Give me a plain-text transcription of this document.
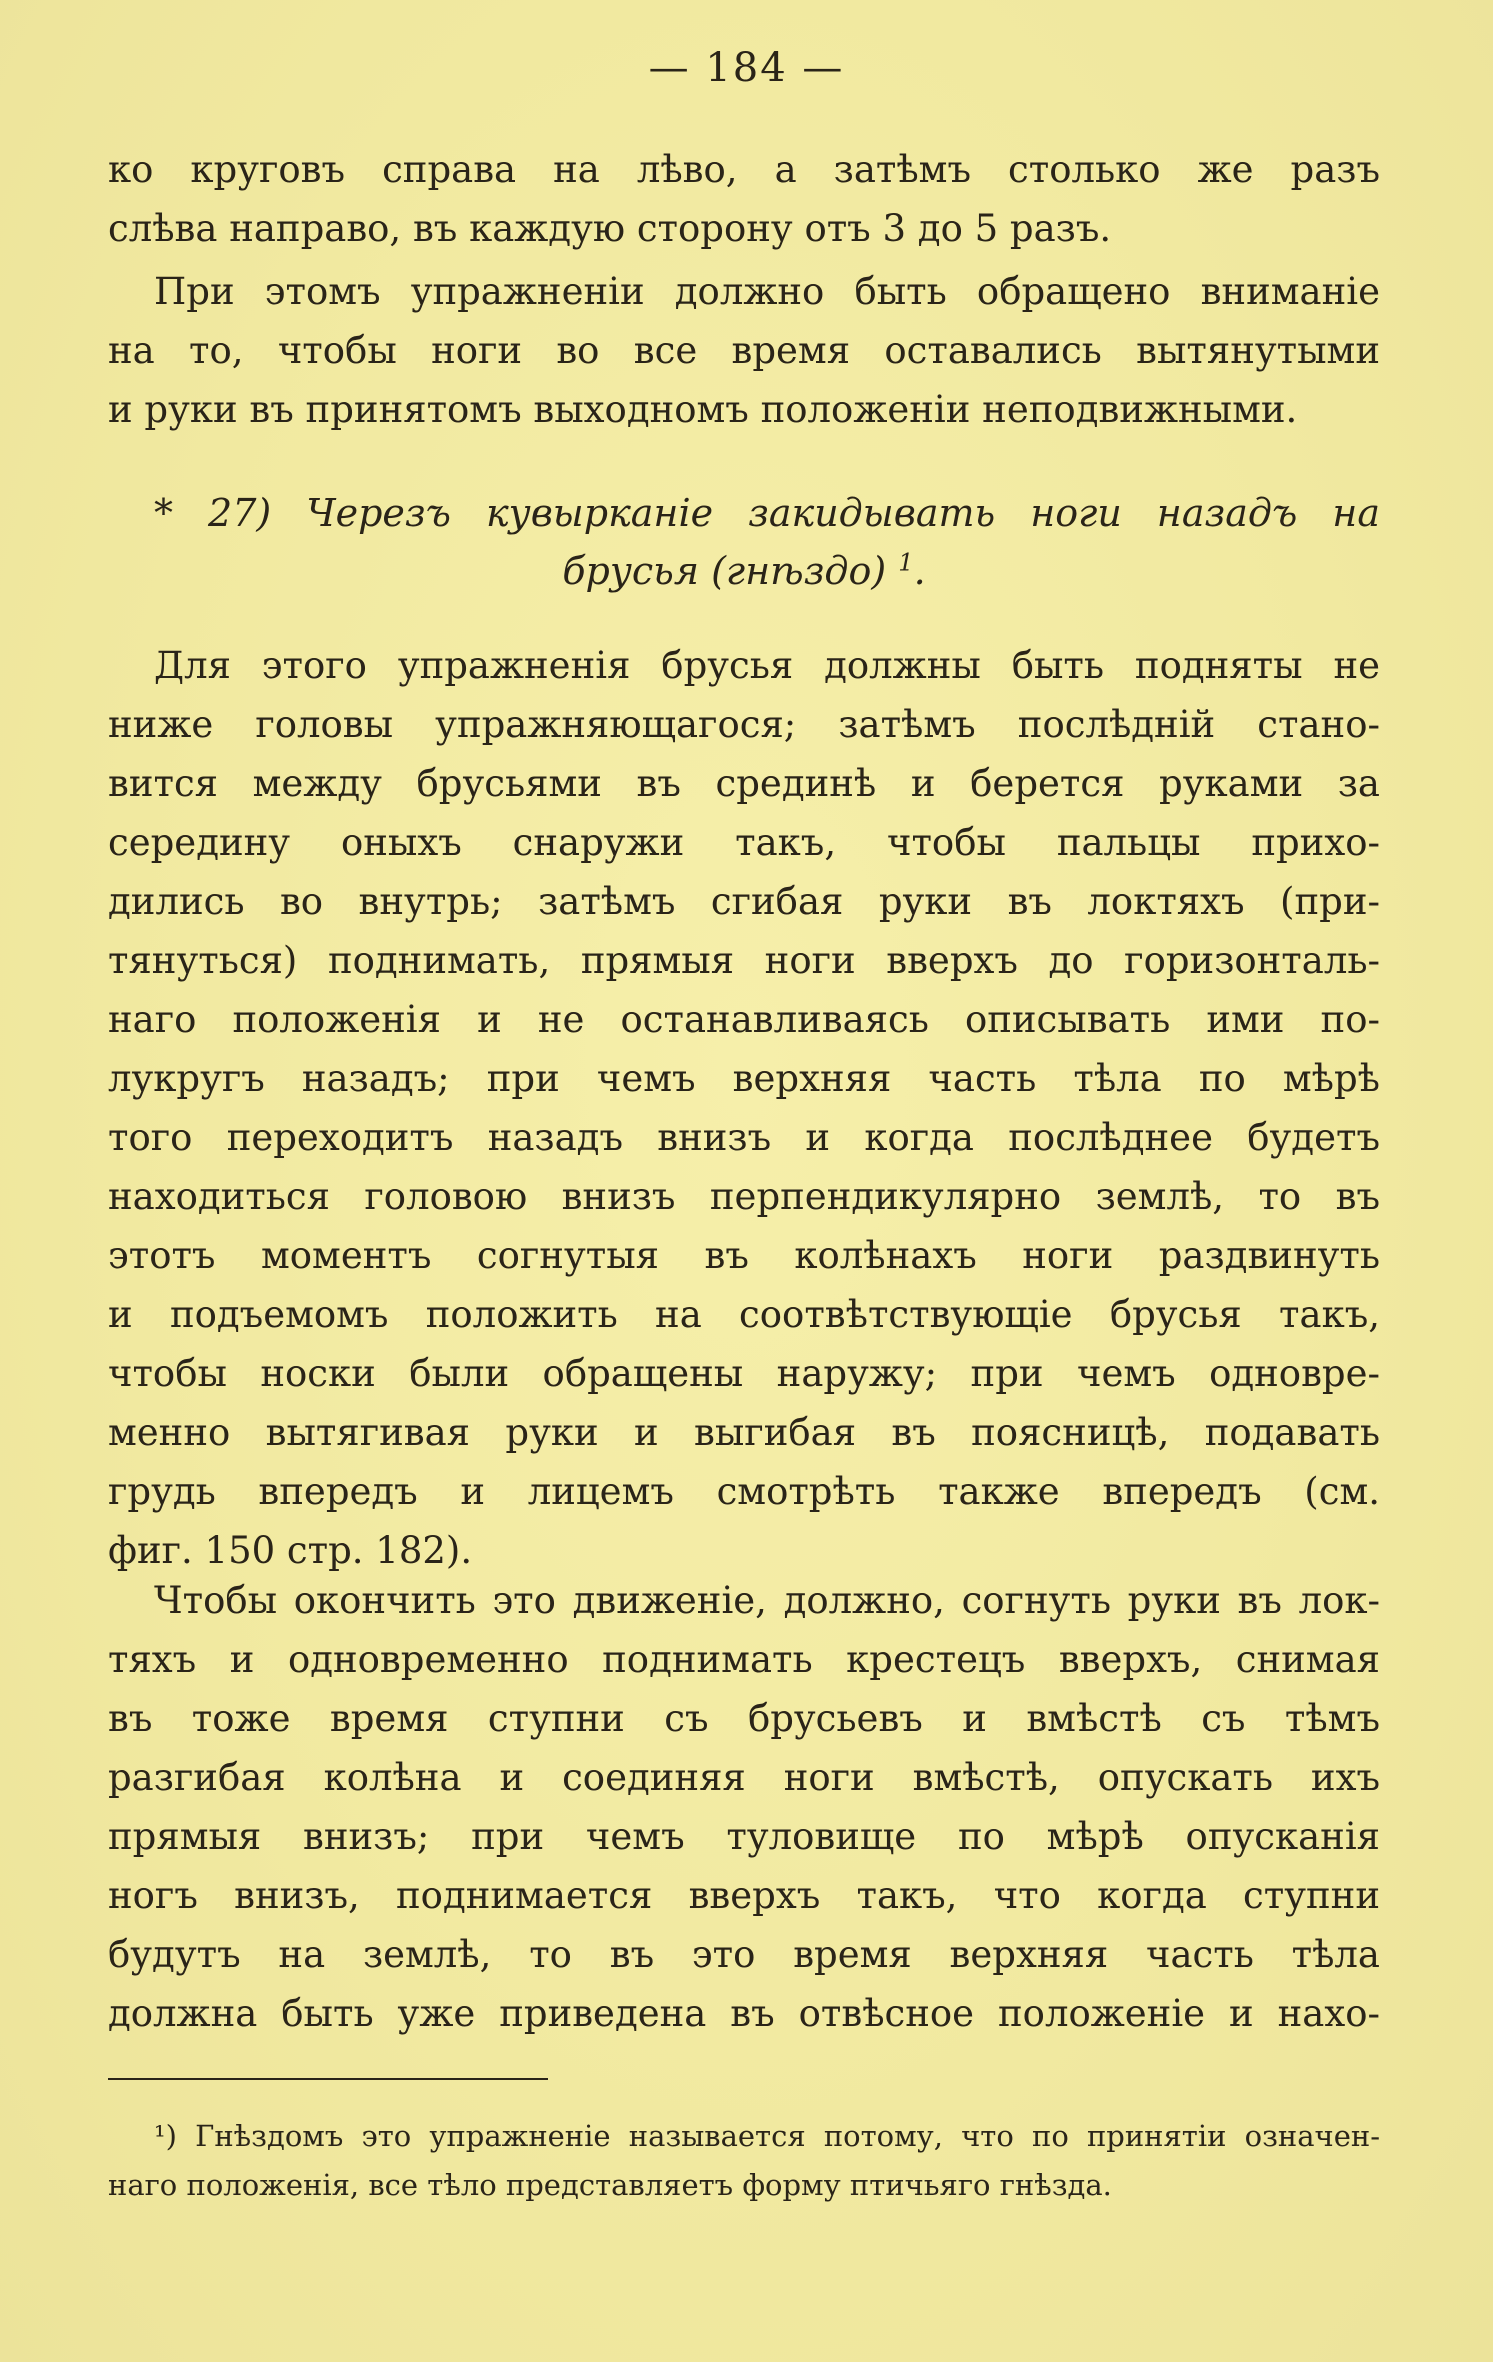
— 184 —
ко круговъ справа на лѣво, а затѣмъ столько же разъ
слѣва направо, въ каждую сторону отъ 3 до 5 разъ.
При этомъ упражненіи должно быть обращено вниманіе
на то, чтобы ноги во все время оставались вытянутыми
и руки въ принятомъ выходномъ положеніи неподвижными.
* 27) Черезъ кувырканіе закидывать ноги назадъ на
брусья (гнѣздо) $^1$.
Для этого упражненія брусья должны быть подняты не
ниже головы упражняющагося; затѣмъ послѣдній стано-
вится между брусьями въ срединѣ и берется руками за
середину оныхъ снаружи такъ, чтобы пальцы прихо-
дились во внутрь; затѣмъ сгибая руки въ локтяхъ (при-
тянуться) поднимать, прямыя ноги вверхъ до горизонталь-
наго положенія и не останавливаясь описывать ими по-
лукругъ назадъ; при чемъ верхняя часть тѣла по мѣрѣ
того переходитъ назадъ внизъ и когда послѣднее будетъ
находиться головою внизъ перпендикулярно землѣ, то въ
этотъ моментъ согнутыя въ колѣнахъ ноги раздвинуть
и подъемомъ положить на соотвѣтствующіе брусья такъ,
чтобы носки были обращены наружу; при чемъ одновре-
менно вытягивая руки и выгибая въ поясницѣ, подавать
грудь впередъ и лицемъ смотрѣть также впередъ (см.
фиг. 150 стр. 182).
Чтобы окончить это движеніе, должно, согнуть руки въ лок-
тяхъ и одновременно поднимать крестецъ вверхъ, снимая
въ тоже время ступни съ брусьевъ и вмѣстѣ съ тѣмъ
разгибая колѣна и соединяя ноги вмѣстѣ, опускать ихъ
прямыя внизъ; при чемъ туловище по мѣрѣ опусканія
ногъ внизъ, поднимается вверхъ такъ, что когда ступни
будутъ на землѣ, то въ это время верхняя часть тѣла
должна быть уже приведена въ отвѣсное положеніе и нахо-
¹) Гнѣздомъ это упражненіе называется потому, что по принятіи означен-
наго положенія, все тѣло представляетъ форму птичьяго гнѣзда.
